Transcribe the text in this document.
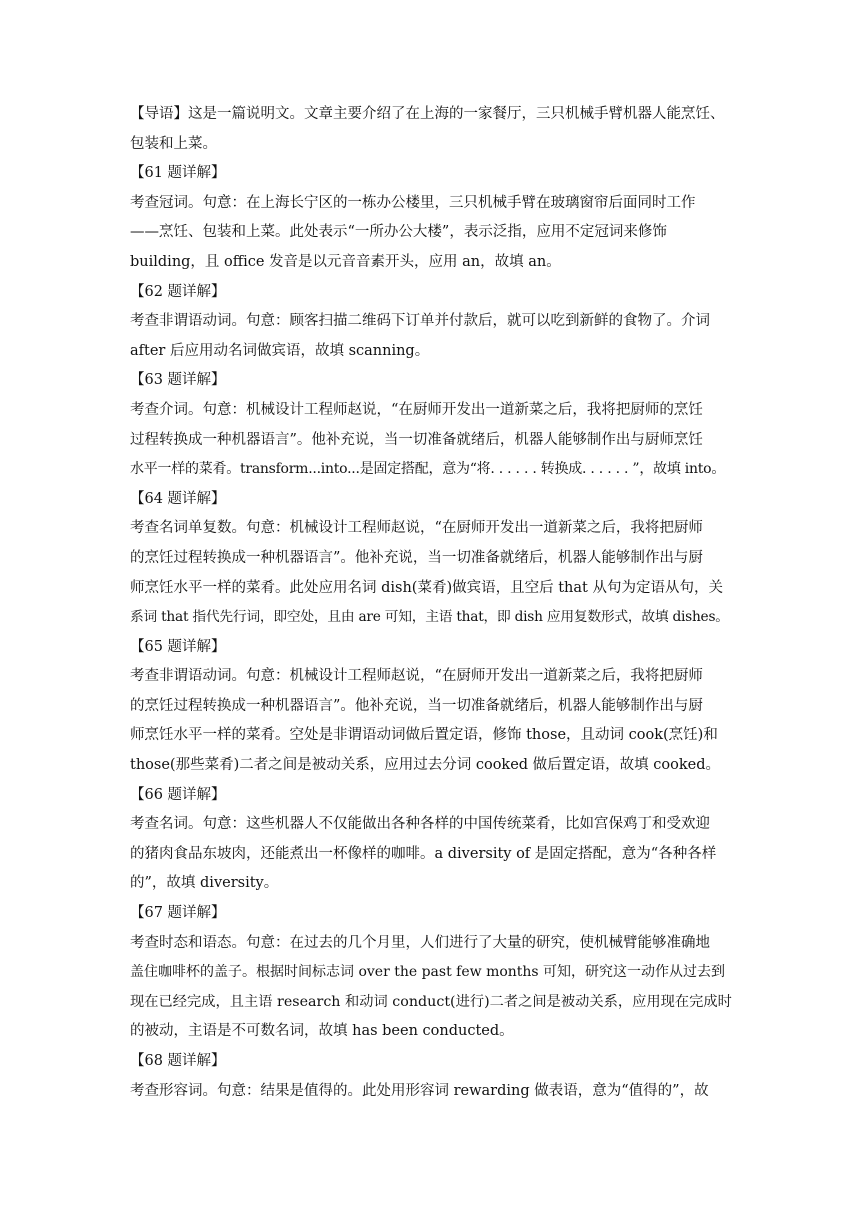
【导语】这是一篇说明文。文章主要介绍了在上海的一家餐厅，三只机械手臂机器人能烹饪、
包装和上菜。
【61 题详解】
考查冠词。句意：在上海长宁区的一栋办公楼里，三只机械手臂在玻璃窗帘后面同时工作
——烹饪、包装和上菜。此处表示“一所办公大楼”，表示泛指，应用不定冠词来修饰
building，且 office 发音是以元音音素开头，应用 an，故填 an。
【62 题详解】
考查非谓语动词。句意：顾客扫描二维码下订单并付款后，就可以吃到新鲜的食物了。介词
after 后应用动名词做宾语，故填 scanning。
【63 题详解】
考查介词。句意：机械设计工程师赵说，“在厨师开发出一道新菜之后，我将把厨师的烹饪
过程转换成一种机器语言”。他补充说，当一切准备就绪后，机器人能够制作出与厨师烹饪
水平一样的菜肴。transform...into...是固定搭配，意为“将. . . . . . 转换成. . . . . . ”，故填 into。
【64 题详解】
考查名词单复数。句意：机械设计工程师赵说，“在厨师开发出一道新菜之后，我将把厨师
的烹饪过程转换成一种机器语言”。他补充说，当一切准备就绪后，机器人能够制作出与厨
师烹饪水平一样的菜肴。此处应用名词 dish(菜肴)做宾语，且空后 that 从句为定语从句，关
系词 that 指代先行词，即空处，且由 are 可知，主语 that，即 dish 应用复数形式，故填 dishes。
【65 题详解】
考查非谓语动词。句意：机械设计工程师赵说，“在厨师开发出一道新菜之后，我将把厨师
的烹饪过程转换成一种机器语言”。他补充说，当一切准备就绪后，机器人能够制作出与厨
师烹饪水平一样的菜肴。空处是非谓语动词做后置定语，修饰 those，且动词 cook(烹饪)和
those(那些菜肴)二者之间是被动关系，应用过去分词 cooked 做后置定语，故填 cooked。
【66 题详解】
考查名词。句意：这些机器人不仅能做出各种各样的中国传统菜肴，比如宫保鸡丁和受欢迎
的猪肉食品东坡肉，还能煮出一杯像样的咖啡。a diversity of 是固定搭配，意为“各种各样
的”，故填 diversity。
【67 题详解】
考查时态和语态。句意：在过去的几个月里，人们进行了大量的研究，使机械臂能够准确地
盖住咖啡杯的盖子。根据时间标志词 over the past few months 可知，研究这一动作从过去到
现在已经完成，且主语 research 和动词 conduct(进行)二者之间是被动关系，应用现在完成时
的被动，主语是不可数名词，故填 has been conducted。
【68 题详解】
考查形容词。句意：结果是值得的。此处用形容词 rewarding 做表语，意为“值得的”，故
